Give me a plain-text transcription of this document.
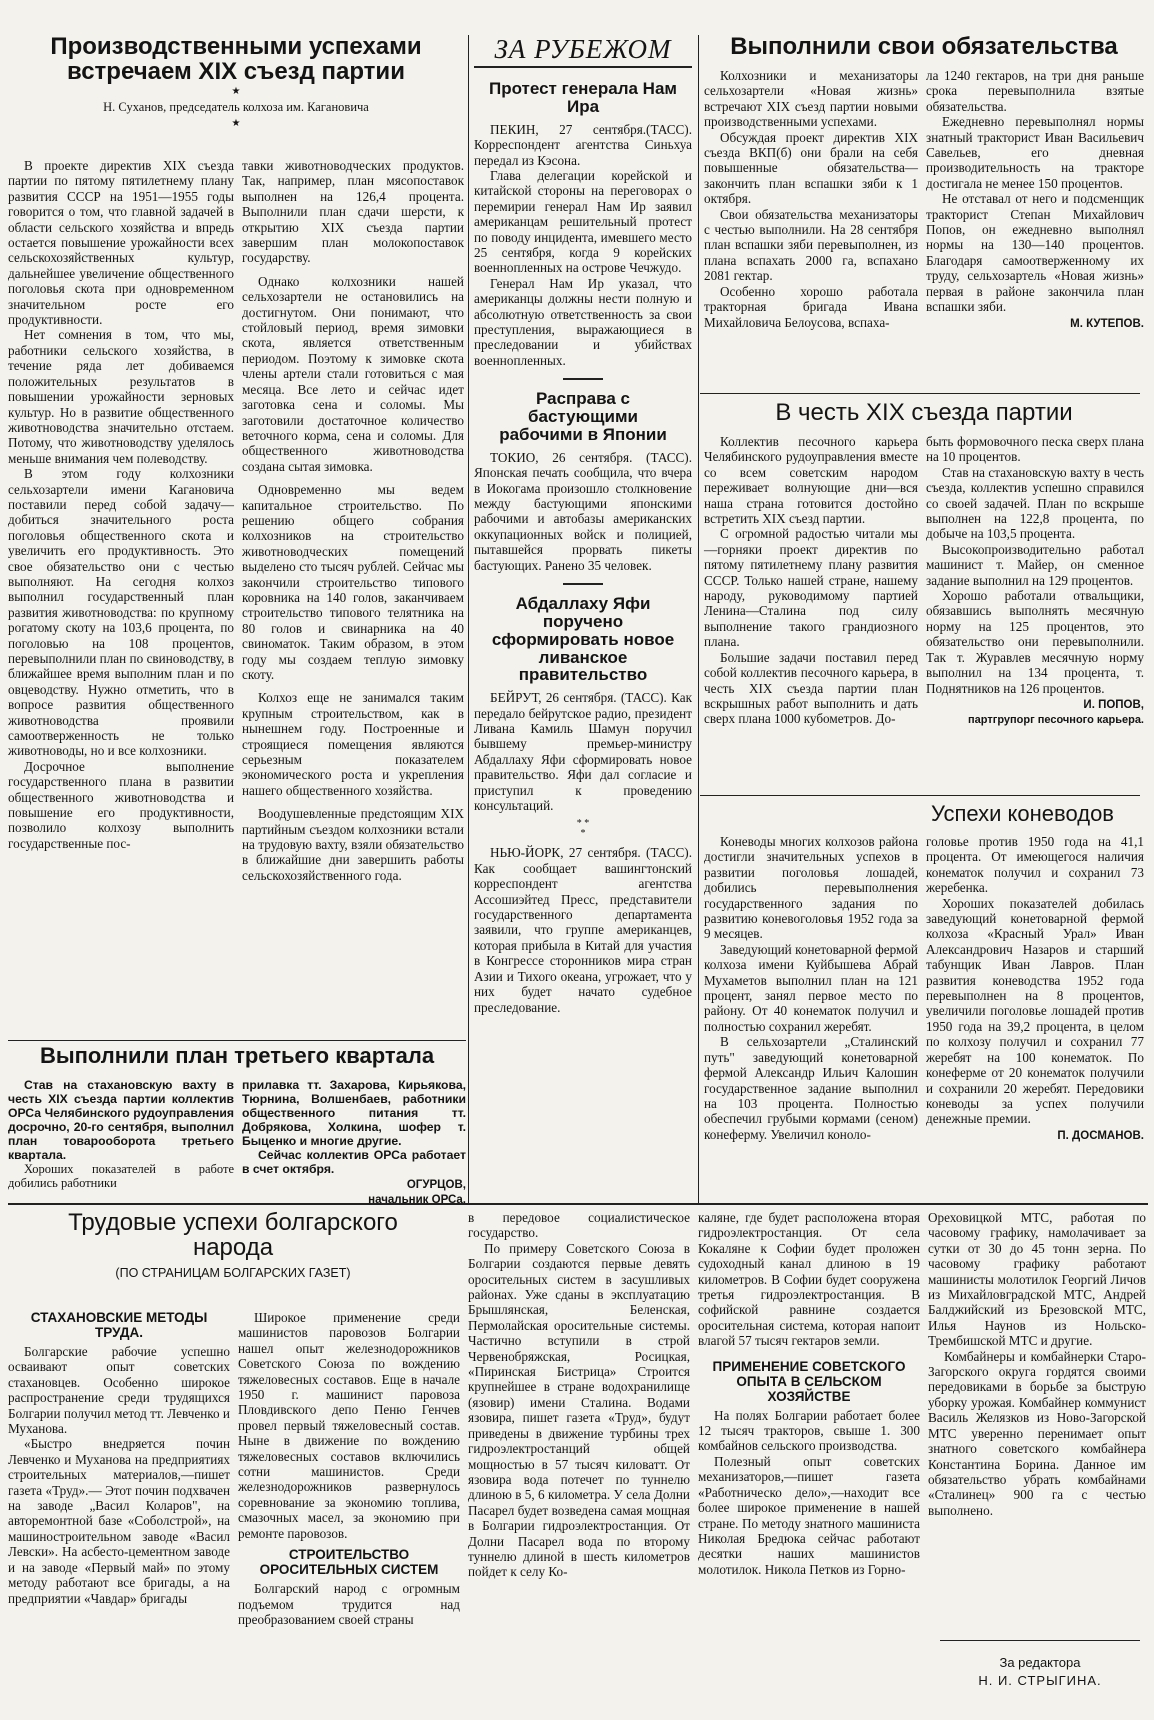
Производственными успехами встречаем XIX съезд партии
★
Н. Суханов, председатель колхоза им. Кагановича
★

В проекте директив XIX съезда партии по пятому пятилетнему плану развития СССР на 1951—1955 годы говорится о том, что главной задачей в области сельского хозяйства и впредь остается повышение урожайности всех сельскохозяйственных культур, дальнейшее увеличение общественного поголовья скота при одновременном значительном росте его продуктивности.

Нет сомнения в том, что мы, работники сельского хозяйства, в течение ряда лет добиваемся положительных результатов в повышении урожайности зерновых культур. Но в развитие общественного животноводства значительно отстаем. Потому, что животноводству уделялось меньше внимания чем полеводству.

В этом году колхозники сельхозартели имени Кагановича поставили перед собой задачу—добиться значительного роста поголовья общественного скота и увеличить его продуктивность. Это свое обязательство они с честью выполняют. На сегодня колхоз выполнил государственный план развития животноводства: по крупному рогатому скоту на 103,6 процента, по поголовью на 108 процентов, перевыполнили план по свиноводству, в ближайшее время выполним план и по овцеводству. Нужно отметить, что в вопросе развития общественного животноводства проявили самоотверженность не только животноводы, но и все колхозники.

Досрочное выполнение государственного плана в развитии общественного животноводства и повышение его продуктивности, позволило колхозу выполнить государственные пос-

тавки животноводческих продуктов. Так, например, план мясопоставок выполнен на 126,4 процента. Выполнили план сдачи шерсти, к открытию XIX съезда партии завершим план молокопоставок государству.

Однако колхозники нашей сельхозартели не остановились на достигнутом. Они понимают, что стойловый период, время зимовки скота, является ответственным периодом. Поэтому к зимовке скота члены артели стали готовиться с мая месяца. Все лето и сейчас идет заготовка сена и соломы. Мы заготовили достаточное количество веточного корма, сена и соломы. Для общественного животноводства создана сытая зимовка.

Одновременно мы ведем капитальное строительство. По решению общего собрания колхозников на строительство животноводческих помещений выделено сто тысяч рублей. Сейчас мы закончили строительство типового коровника на 140 голов, заканчиваем строительство типового телятника на 80 голов и свинарника на 40 свиноматок. Таким образом, в этом году мы создаем теплую зимовку скоту.

Колхоз еще не занимался таким крупным строительством, как в нынешнем году. Построенные и строящиеся помещения являются серьезным показателем экономического роста и укрепления нашего общественного хозяйства.

Воодушевленные предстоящим XIX партийным съездом колхозники встали на трудовую вахту, взяли обязательство в ближайшие дни завершить работы сельскохозяйственного года.

Выполнили план третьего квартала
Став на стахановскую вахту в честь XIX съезда партии коллектив ОРСа Челябинского рудоуправления досрочно, 20-го сентября, выполнил план товарооборота третьего квартала.

Хороших показателей в работе добились работники

прилавка тт. Захарова, Кирьякова, Тюрнина, Волшенбаев, работники общественного питания тт. Добрякова, Холкина, шофер т. Быценко и многие другие.
Сейчас коллектив ОРСа работает в счет октября.
ОГУРЦОВ,
начальник ОРСа.
ЗА РУБЕЖОМ
Протест генерала Нам Ира

ПЕКИН, 27 сентября.(ТАСС). Корреспондент агентства Синьхуа передал из Кэсона.

Глава делегации корейской и китайской стороны на переговорах о перемирии генерал Нам Ир заявил американцам решительный протест по поводу инцидента, имевшего место 25 сентября, когда 9 корейских военнопленных на острове Чечжудо.

Генерал Нам Ир указал, что американцы должны нести полную и абсолютную ответственность за свои преступления, выражающиеся в преследовании и убийствах военнопленных.

Расправа с бастующими рабочими в Японии

ТОКИО, 26 сентября. (ТАСС). Японская печать сообщила, что вчера в Иокогама произошло столкновение между бастующими японскими рабочими и автобазы американских оккупационных войск и полицией, пытавшейся прорвать пикеты бастующих. Ранено 35 человек.

Абдаллаху Яфи поручено сформировать новое ливанское правительство

БЕЙРУТ, 26 сентября. (ТАСС). Как передало бейрутское радио, президент Ливана Камиль Шамун поручил бывшему премьер-министру Абдаллаху Яфи сформировать новое правительство. Яфи дал согласие и приступил к проведению консультаций.

* *
*

НЬЮ-ЙОРК, 27 сентября. (ТАСС). Как сообщает вашингтонский корреспондент агентства Ассошиэйтед Пресс, представители государственного департамента заявили, что группе американцев, которая прибыла в Китай для участия в Конгрессе сторонников мира стран Азии и Тихого океана, угрожает, что у них будет начато судебное преследование.

Выполнили свои обязательства

Колхозники и механизаторы сельхозартели «Новая жизнь» встречают XIX съезд партии новыми производственными успехами.

Обсуждая проект директив XIX съезда ВКП(б) они брали на себя повышенные обязательства—закончить план вспашки зяби к 1 октября.

Свои обязательства механизаторы с честью выполнили. На 28 сентября план вспашки зяби перевыполнен, из плана вспахать 2000 га, вспахано 2081 гектар.

Особенно хорошо работала тракторная бригада Ивана Михайловича Белоусова, вспаха-

ла 1240 гектаров, на три дня раньше срока перевыполнила взятые обязательства.

Ежедневно перевыполнял нормы знатный тракторист Иван Васильевич Савельев, его дневная производительность на тракторе достигала не менее 150 процентов.

Не отставал от него и подсменщик тракторист Степан Михайлович Попов, он ежедневно выполнял нормы на 130—140 процентов. Благодаря самоотверженному их труду, сельхозартель «Новая жизнь» первая в районе закончила план вспашки зяби.

М. КУТЕПОВ.
В честь XIX съезда партии

Коллектив песочного карьера Челябинского рудоуправления вместе со всем советским народом переживает волнующие дни—вся наша страна готовится достойно встретить XIX съезд партии.

С огромной радостью читали мы—горняки проект директив по пятому пятилетнему плану развития СССР. Только нашей стране, нашему народу, руководимому партией Ленина—Сталина под силу выполнение такого грандиозного плана.

Большие задачи поставил перед собой коллектив песочного карьера, в честь XIX съезда партии план вскрышных работ выполнить и дать сверх плана 1000 кубометров. До-

быть формовочного песка сверх плана на 10 процентов.

Став на стахановскую вахту в честь съезда, коллектив успешно справился со своей задачей. План по вскрыше выполнен на 122,8 процента, по добыче на 103,5 процента.

Высокопроизводительно работал машинист т. Майер, он сменное задание выполнил на 129 процентов.

Хорошо работали отвальщики, обязавшись выполнять месячную норму на 125 процентов, это обязательство они перевыполнили. Так т. Журавлев месячную норму выполнил на 134 процента, т. Поднятников на 126 процентов.

И. ПОПОВ,
партгрупорг песочного карьера.
Успехи коневодов

Коневоды многих колхозов района достигли значительных успехов в развитии поголовья лошадей, добились перевыполнения государственного задания по развитию коневоголовья 1952 года за 9 месяцев.

Заведующий конетоварной фермой колхоза имени Куйбышева Абрай Мухаметов выполнил план на 121 процент, занял первое место по району. От 40 конематок получил и полностью сохранил жеребят.

В сельхозартели „Сталинский путь" заведующий конетоварной фермой Александр Ильич Калошин государственное задание выполнил на 103 процента. Полностью обеспечил грубыми кормами (сеном) конеферму. Увеличил коноло-

головье против 1950 года на 41,1 процента. От имеющегося наличия конематок получил и сохранил 73 жеребенка.

Хороших показателей добилась заведующий конетоварной фермой колхоза «Красный Урал» Иван Александрович Назаров и старший табунщик Иван Лавров. План развития коневодства 1952 года перевыполнен на 8 процентов, увеличили поголовье лошадей против 1950 года на 39,2 процента, в целом по колхозу получил и сохранил 77 жеребят на 100 конематок. По конеферме от 20 конематок получили и сохранили 20 жеребят. Передовики коневоды за успех получили денежные премии.

П. ДОСМАНОВ.
Трудовые успехи болгарского народа
(ПО СТРАНИЦАМ БОЛГАРСКИХ ГАЗЕТ)
СТАХАНОВСКИЕ МЕТОДЫ ТРУДА.

Болгарские рабочие успешно осваивают опыт советских стахановцев. Особенно широкое распространение среди трудящихся Болгарии получил метод тт. Левченко и Муханова.

«Быстро внедряется почин Левченко и Муханова на предприятиях строительных материалов,—пишет газета «Труд».— Этот почин подхвачен на заводе „Васил Коларов", на авторемонтной базе «Соболстрой», на машиностроительном заводе «Васил Левски». На асбесто-цементном заводе и на заводе «Первый май» по этому методу работают все бригады, а на предприятии «Чавдар» бригады

Широкое применение среди машинистов паровозов Болгарии нашел опыт железнодорожников Советского Союза по вождению тяжеловесных составов. Еще в начале 1950 г. машинист паровоза Пловдивского депо Пеню Генчев провел первый тяжеловесный состав. Ныне в движение по вождению тяжеловесных составов включились сотни машинистов. Среди железнодорожников развернулось соревнование за экономию топлива, смазочных масел, за экономию при ремонте паровозов.

СТРОИТЕЛЬСТВО ОРОСИТЕЛЬНЫХ СИСТЕМ

Болгарский народ с огромным подъемом трудится над преобразованием своей страны

в передовое социалистическое государство.

По примеру Советского Союза в Болгарии создаются первые девять оросительных систем в засушливых районах. Уже сданы в эксплуатацию Брышлянская, Беленская, Пермолайская оросительные системы. Частично вступили в строй Червенобряжская, Росицкая, «Пиринская Бистрица» Строится крупнейшее в стране водохранилище (язовир) имени Сталина. Водами язовира, пишет газета «Труд», будут приведены в движение турбины трех гидроэлектростанций общей мощностью в 57 тысяч киловатт. От язовира вода потечет по туннелю длиною в 5, 6 километра. У села Долни Пасарел будет возведена самая мощная в Болгарии гидроэлектростанция. От Долни Пасарел вода по второму туннелю длиной в шесть километров пойдет к селу Ко-

каляне, где будет расположена вторая гидроэлектростанция. От села Кокаляне к Софии будет проложен судоходный канал длиною в 19 километров. В Софии будет сооружена третья гидроэлектростанция. В софийской равнине создается оросительная система, которая напоит влагой 57 тысяч гектаров земли.

ПРИМЕНЕНИЕ СОВЕТСКОГО ОПЫТА В СЕЛЬСКОМ ХОЗЯЙСТВЕ

На полях Болгарии работает более 12 тысяч тракторов, свыше 1. 300 комбайнов сельского производства.

Полезный опыт советских механизаторов,—пишет газета «Работническо дело»,—находит все более широкое применение в нашей стране. По методу знатного машиниста Николая Бредюка сейчас работают десятки наших машинистов молотилок. Никола Петков из Горно-

Ореховицкой МТС, работая по часовому графику, намолачивает за сутки от 30 до 45 тонн зерна. По часовому графику работают машинисты молотилок Георгий Личов из Михайловградской МТС, Андрей Балджийский из Брезовской МТС, Илья Наунов из Нольско-Трембишской МТС и другие.

Комбайнеры и комбайнерки Старо-Загорского округа гордятся своими передовиками в борьбе за быструю уборку урожая. Комбайнер коммунист Василь Желязков из Ново-Загорской МТС уверенно перенимает опыт знатного советского комбайнера Константина Борина. Данное им обязательство убрать комбайнами «Сталинец» 900 га с честью выполнено.

За редактора
Н. И. СТРЫГИНА.
